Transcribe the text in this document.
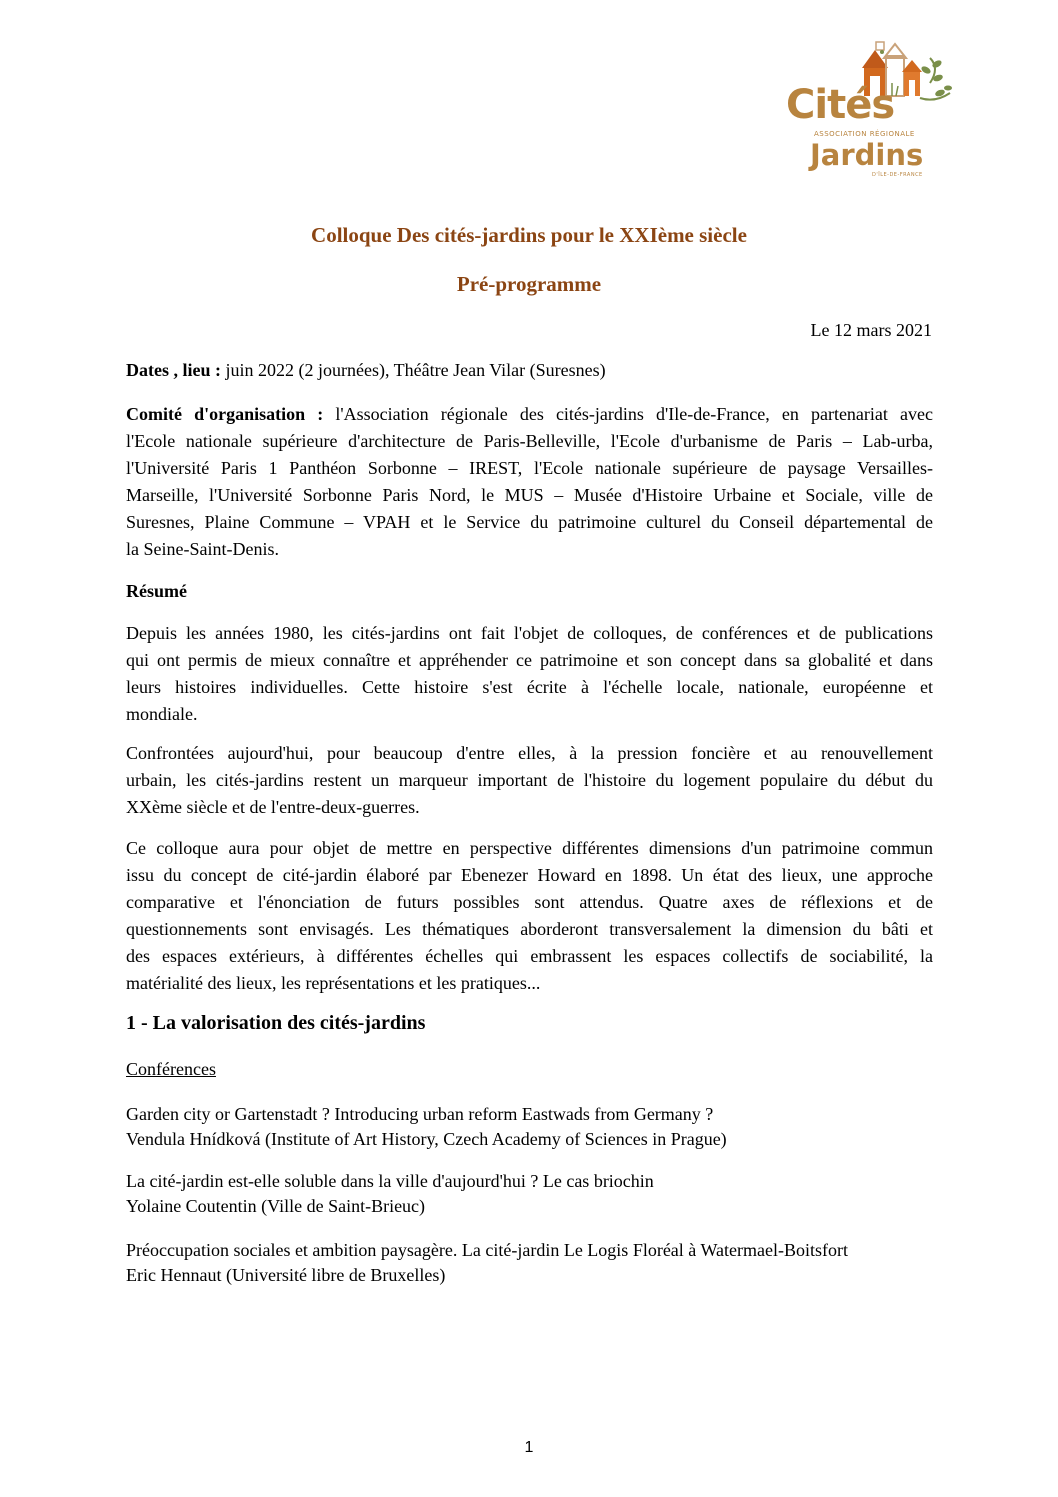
Cités
ASSOCIATION RÉGIONALE
Jardins
D'ÎLE-DE-FRANCE
Colloque Des cités-jardins pour le XXIème siècle
Pré-programme
Le 12 mars 2021
Dates , lieu : juin 2022 (2 journées), Théâtre Jean Vilar (Suresnes)
Comité d'organisation : l'Association régionale des cités-jardins d'Ile-de-France, en partenariat avec
l'Ecole nationale supérieure d'architecture de Paris-Belleville, l'Ecole d'urbanisme de Paris – Lab-urba,
l'Université Paris 1 Panthéon Sorbonne – IREST, l'Ecole nationale supérieure de paysage Versailles-
Marseille, l'Université Sorbonne Paris Nord, le MUS – Musée d'Histoire Urbaine et Sociale, ville de
Suresnes, Plaine Commune – VPAH et le Service du patrimoine culturel du Conseil départemental de
la Seine-Saint-Denis.
Résumé
Depuis les années 1980, les cités-jardins ont fait l'objet de colloques, de conférences et de publications
qui ont permis de mieux connaître et appréhender ce patrimoine et son concept dans sa globalité et dans
leurs histoires individuelles. Cette histoire s'est écrite à l'échelle locale, nationale, européenne et
mondiale.
Confrontées aujourd'hui, pour beaucoup d'entre elles, à la pression foncière et au renouvellement
urbain, les cités-jardins restent un marqueur important de l'histoire du logement populaire du début du
XXème siècle et de l'entre-deux-guerres.
Ce colloque aura pour objet de mettre en perspective différentes dimensions d'un patrimoine commun
issu du concept de cité-jardin élaboré par Ebenezer Howard en 1898. Un état des lieux, une approche
comparative et l'énonciation de futurs possibles sont attendus. Quatre axes de réflexions et de
questionnements sont envisagés. Les thématiques aborderont transversalement la dimension du bâti et
des espaces extérieurs, à différentes échelles qui embrassent les espaces collectifs de sociabilité, la
matérialité des lieux, les représentations et les pratiques...
1 - La valorisation des cités-jardins
Conférences
Garden city or Gartenstadt ? Introducing urban reform Eastwads from Germany ?
Vendula Hnídková (Institute of Art History, Czech Academy of Sciences in Prague)
La cité-jardin est-elle soluble dans la ville d'aujourd'hui ? Le cas briochin
Yolaine Coutentin (Ville de Saint-Brieuc)
Préoccupation sociales et ambition paysagère. La cité-jardin Le Logis Floréal à Watermael-Boitsfort
Eric Hennaut (Université libre de Bruxelles)
1
